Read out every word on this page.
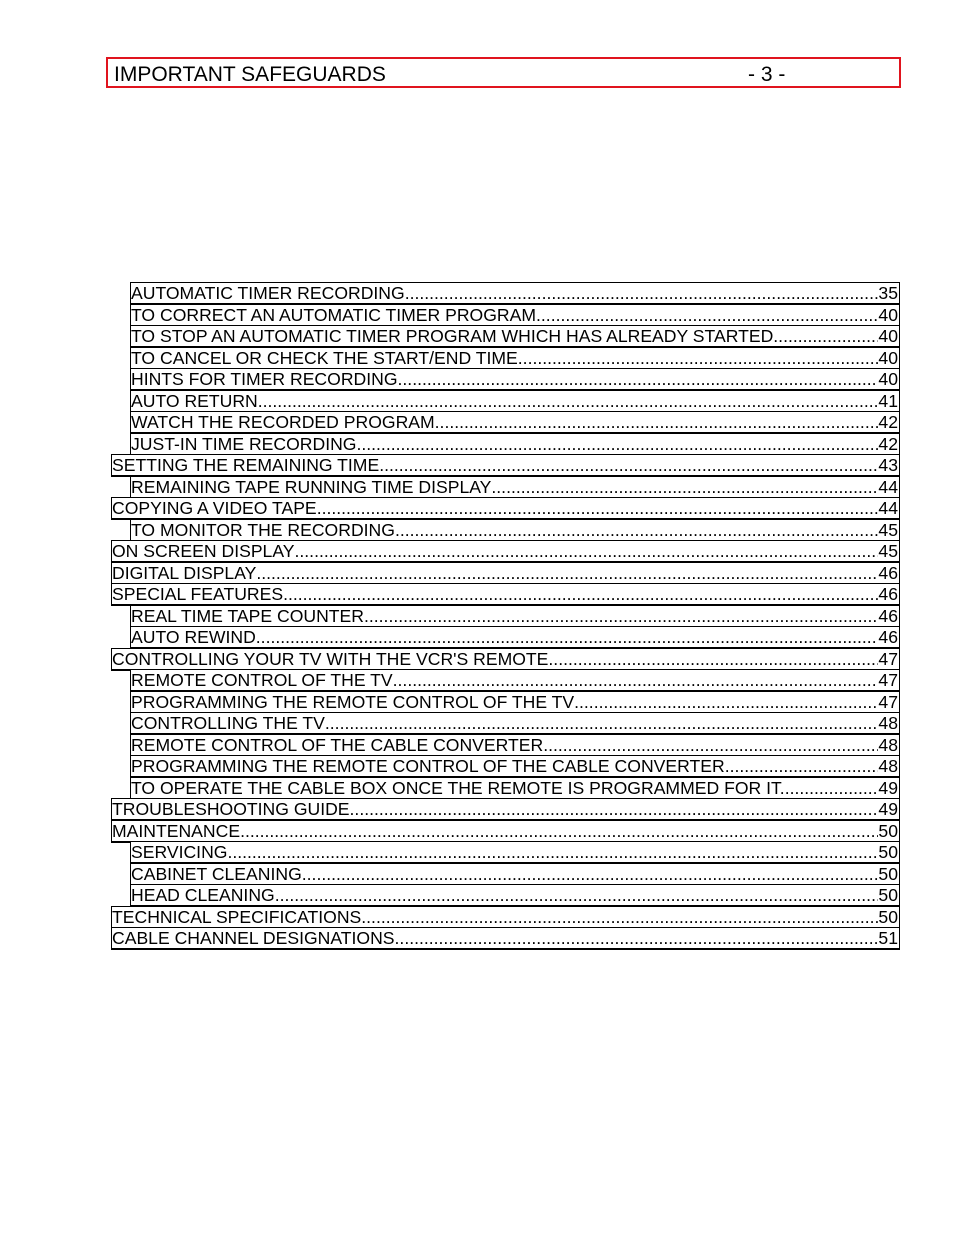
IMPORTANT SAFEGUARDS	- 3 -
AUTOMATIC TIMER RECORDING .....	35
TO CORRECT AN AUTOMATIC TIMER PROGRAM .....	40
TO STOP AN AUTOMATIC TIMER PROGRAM WHICH HAS ALREADY STARTED .....	40
TO CANCEL OR CHECK THE START/END TIME .....	40
HINTS FOR TIMER RECORDING .....	40
AUTO RETURN .....	41
WATCH THE RECORDED PROGRAM .....	42
JUST-IN TIME RECORDING .....	42
SETTING THE REMAINING TIME .....	43
REMAINING TAPE RUNNING TIME DISPLAY .....	44
COPYING A VIDEO TAPE .....	44
TO MONITOR THE RECORDING .....	45
ON SCREEN DISPLAY .....	45
DIGITAL DISPLAY .....	46
SPECIAL FEATURES .....	46
REAL TIME TAPE COUNTER .....	46
AUTO REWIND .....	46
CONTROLLING YOUR TV WITH THE VCR'S REMOTE .....	47
REMOTE CONTROL OF THE TV .....	47
PROGRAMMING THE REMOTE CONTROL OF THE TV .....	47
CONTROLLING THE TV .....	48
REMOTE CONTROL OF THE CABLE CONVERTER .....	48
PROGRAMMING THE REMOTE CONTROL OF THE CABLE CONVERTER .....	48
TO OPERATE THE CABLE BOX ONCE THE REMOTE IS PROGRAMMED FOR IT. .....	49
TROUBLESHOOTING GUIDE .....	49
MAINTENANCE .....	50
SERVICING .....	50
CABINET CLEANING .....	50
HEAD CLEANING .....	50
TECHNICAL SPECIFICATIONS .....	50
CABLE CHANNEL DESIGNATIONS .....	51
